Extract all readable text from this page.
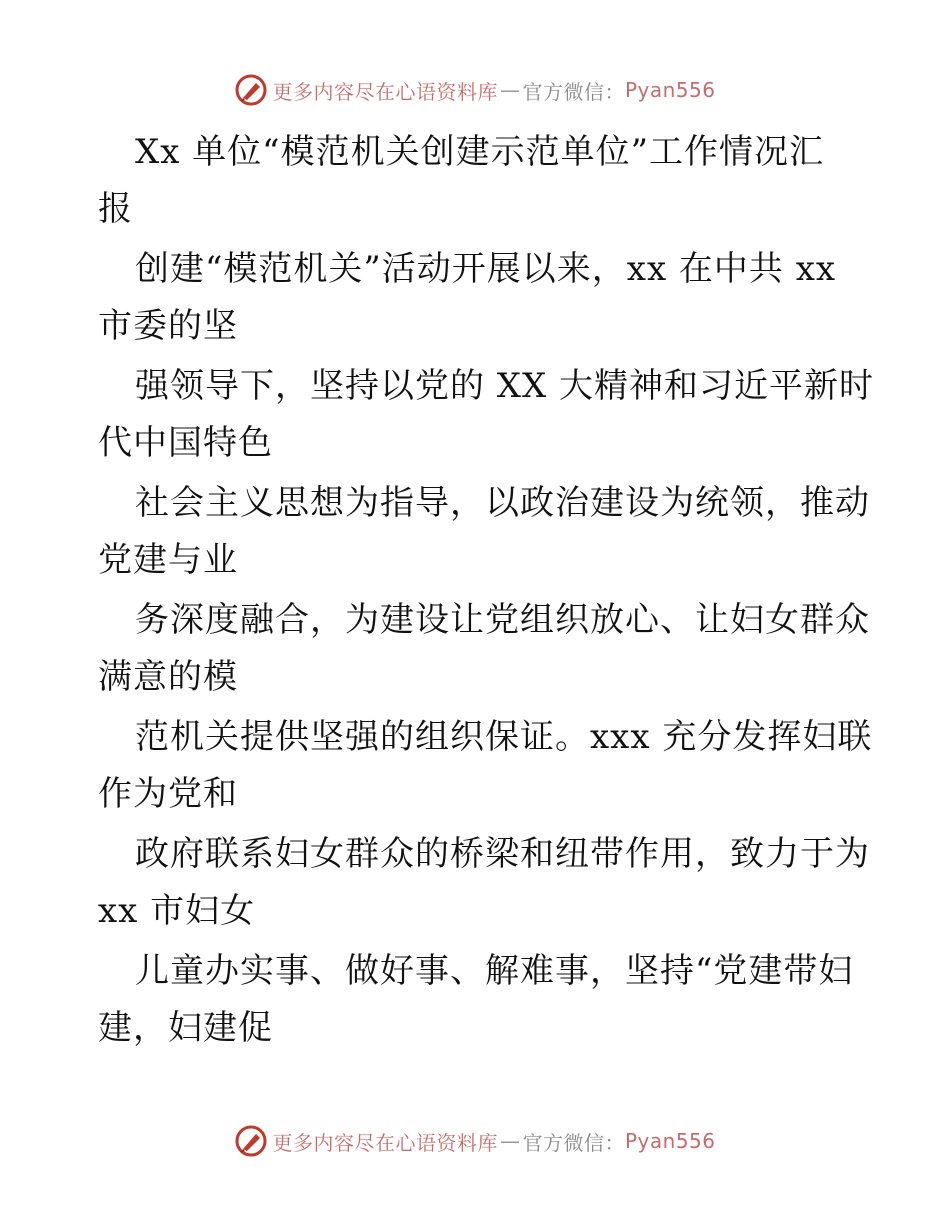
更多内容尽在心语资料库 — 官方微信： Pyan556
Xx 单位“模范机关创建示范单位”工作情况汇
报
创建“模范机关”活动开展以来，xx 在中共 xx
市委的坚
强领导下，坚持以党的 XX 大精神和习近平新时
代中国特色
社会主义思想为指导，以政治建设为统领，推动
党建与业
务深度融合，为建设让党组织放心、让妇女群众
满意的模
范机关提供坚强的组织保证。xxx 充分发挥妇联
作为党和
政府联系妇女群众的桥梁和纽带作用，致力于为
xx 市妇女
儿童办实事、做好事、解难事，坚持“党建带妇
建，妇建促
更多内容尽在心语资料库 — 官方微信： Pyan556
